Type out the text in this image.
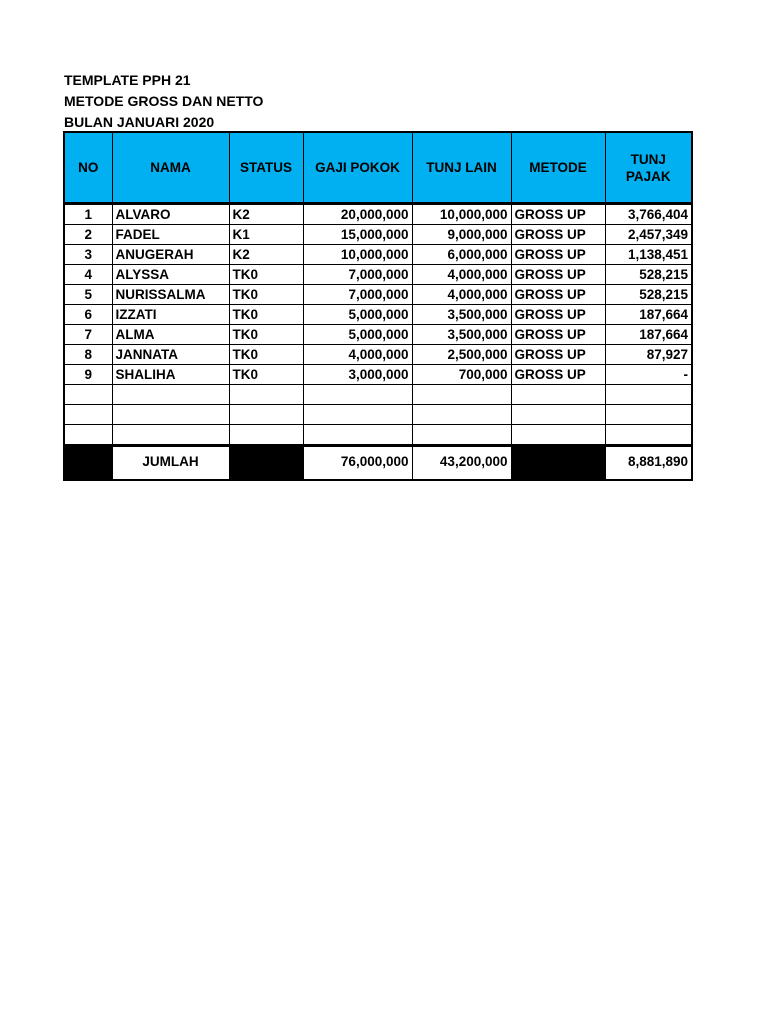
TEMPLATE PPH 21
METODE GROSS DAN NETTO
BULAN JANUARI 2020
NO	NAMA	STATUS	GAJI POKOK	TUNJ LAIN	METODE	TUNJ PAJAK
1	ALVARO	K2	20,000,000	10,000,000	GROSS UP	3,766,404
2	FADEL	K1	15,000,000	9,000,000	GROSS UP	2,457,349
3	ANUGERAH	K2	10,000,000	6,000,000	GROSS UP	1,138,451
4	ALYSSA	TK0	7,000,000	4,000,000	GROSS UP	528,215
5	NURISSALMA	TK0	7,000,000	4,000,000	GROSS UP	528,215
6	IZZATI	TK0	5,000,000	3,500,000	GROSS UP	187,664
7	ALMA	TK0	5,000,000	3,500,000	GROSS UP	187,664
8	JANNATA	TK0	4,000,000	2,500,000	GROSS UP	87,927
9	SHALIHA	TK0	3,000,000	700,000	GROSS UP	-

	JUMLAH		76,000,000	43,200,000		8,881,890
